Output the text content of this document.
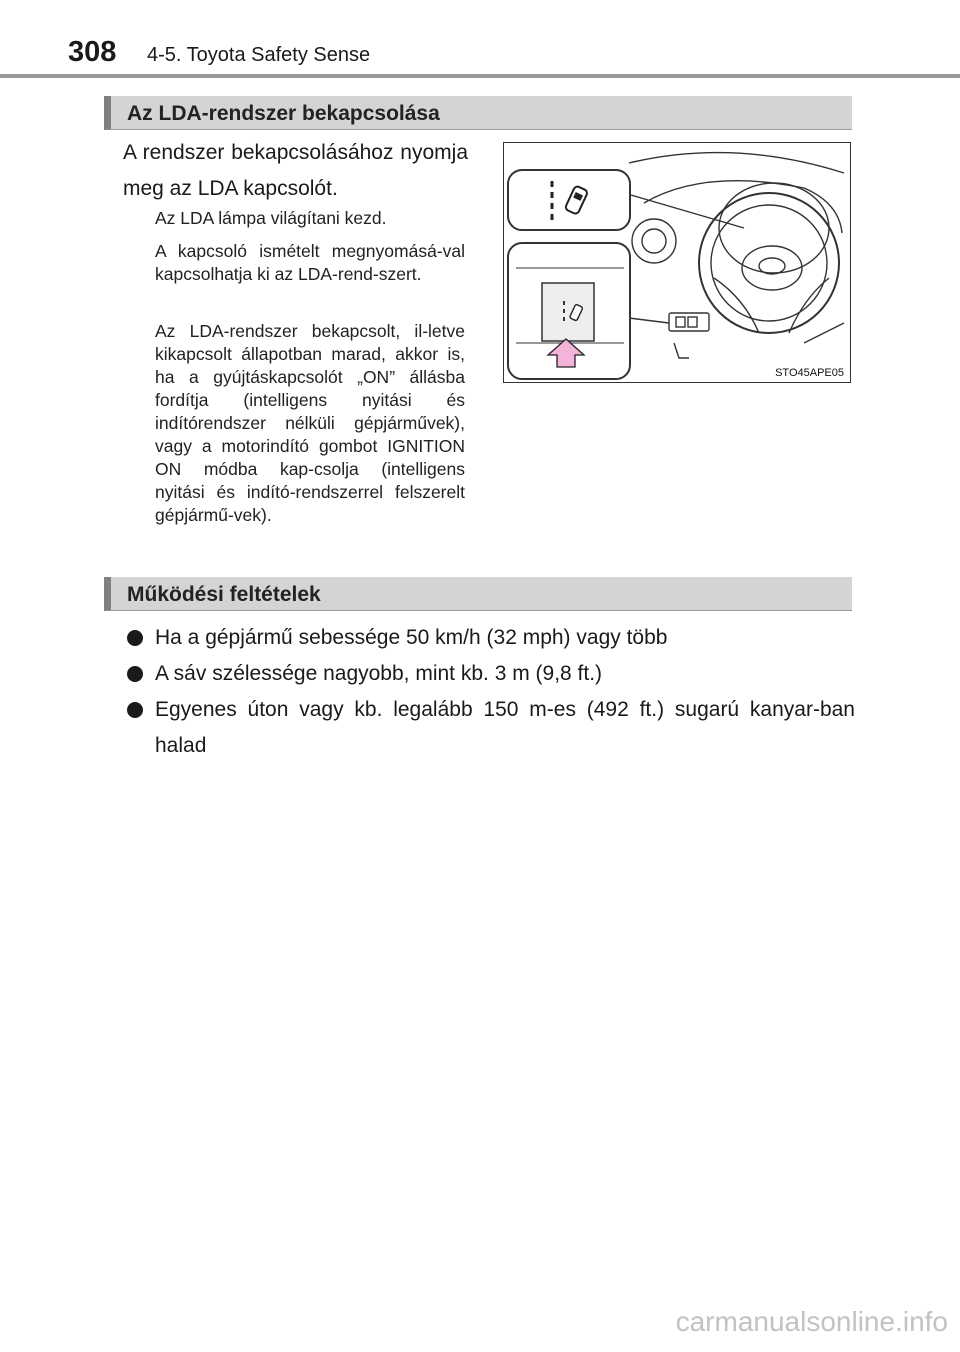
308 4-5. Toyota Safety Sense
Az LDA-rendszer bekapcsolása
A rendszer bekapcsolásához nyomja meg az LDA kapcsolót.
Az LDA lámpa világítani kezd.
A kapcsoló ismételt megnyomásá-val kapcsolhatja ki az LDA-rend-szert.
Az LDA-rendszer bekapcsolt, il-letve kikapcsolt állapotban marad, akkor is, ha a gyújtáskapcsolót „ON” állásba fordítja (intelligens nyitási és indítórendszer nélküli gépjárművek), vagy a motorindító gombot IGNITION ON módba kap-csolja (intelligens nyitási és indító-rendszerrel felszerelt gépjármű-vek).
STO45APE05
Működési feltételek
Ha a gépjármű sebessége 50 km/h (32 mph) vagy több
A sáv szélessége nagyobb, mint kb. 3 m (9,8 ft.)
Egyenes úton vagy kb. legalább 150 m-es (492 ft.) sugarú kanyar-ban halad
carmanualsonline.info
